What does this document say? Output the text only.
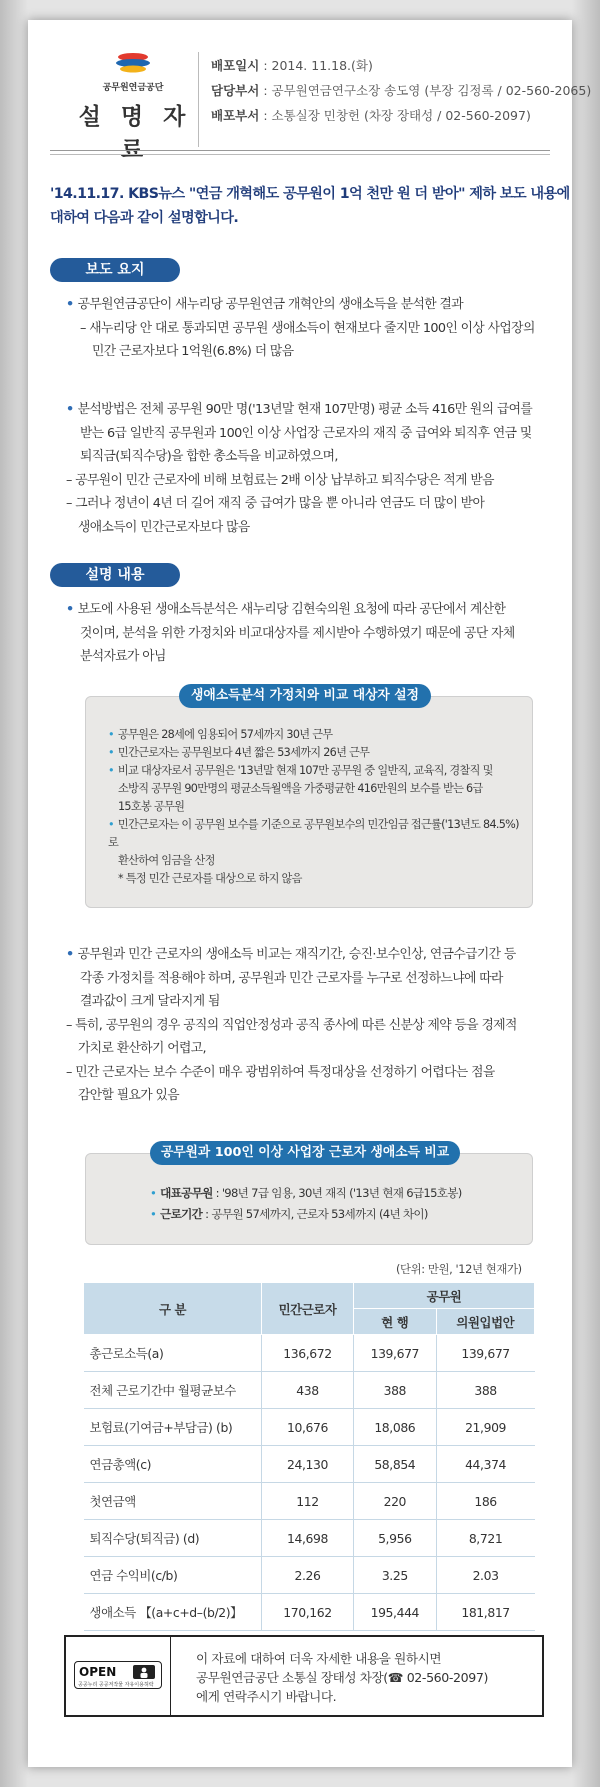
공무원연금공단
설 명 자
배포일시 : 2014. 11.18.(화)
담당부서 : 공무원연금연구소장 송도영 (부장 김정록 / 02-560-2065)
배포부서 : 소통실장 민창헌 (차장 장태성 / 02-560-2097)
'14.11.17. KBS뉴스 "연금 개혁해도 공무원이 1억 천만 원 더 받아" 제하 보도 내용에
대하여 다음과 같이 설명합니다.
보도 요지
• 공무원연금공단이 새누리당 공무원연금 개혁안의 생애소득을 분석한 결과
– 새누리당 안 대로 통과되면 공무원 생애소득이 현재보다 줄지만 100인 이상 사업장의
민간 근로자보다 1억원(6.8%) 더 많음
• 분석방법은 전체 공무원 90만 명('13년말 현재 107만명) 평균 소득 416만 원의 급여를
받는 6급 일반직 공무원과 100인 이상 사업장 근로자의 재직 중 급여와 퇴직후 연금 및
퇴직금(퇴직수당)을 합한 총소득을 비교하였으며,
– 공무원이 민간 근로자에 비해 보험료는 2배 이상 납부하고 퇴직수당은 적게 받음
– 그러나 정년이 4년 더 길어 재직 중 급여가 많을 뿐 아니라 연금도 더 많이 받아
생애소득이 민간근로자보다 많음
설명 내용
• 보도에 사용된 생애소득분석은 새누리당 김현숙의원 요청에 따라 공단에서 계산한
것이며, 분석을 위한 가정치와 비교대상자를 제시받아 수행하였기 때문에 공단 자체
분석자료가 아님
생애소득분석 가정치와 비교 대상자 설정
• 공무원은 28세에 임용되어 57세까지 30년 근무
• 민간근로자는 공무원보다 4년 짧은 53세까지 26년 근무
• 비교 대상자로서 공무원은 '13년말 현재 107만 공무원 중 일반직, 교육직, 경찰직 및
소방직 공무원 90만명의 평균소득월액을 가중평균한 416만원의 보수를 받는 6급
15호봉 공무원
• 민간근로자는 이 공무원 보수를 기준으로 공무원보수의 민간임금 접근률('13년도 84.5%)로
환산하여 임금을 산정
* 특정 민간 근로자를 대상으로 하지 않음
• 공무원과 민간 근로자의 생애소득 비교는 재직기간, 승진·보수인상, 연금수급기간 등
각종 가정치를 적용해야 하며, 공무원과 민간 근로자를 누구로 선정하느냐에 따라
결과값이 크게 달라지게 됨
– 특히, 공무원의 경우 공직의 직업안정성과 공직 종사에 따른 신분상 제약 등을 경제적
가치로 환산하기 어렵고,
– 민간 근로자는 보수 수준이 매우 광범위하여 특정대상을 선정하기 어렵다는 점을
감안할 필요가 있음
공무원과 100인 이상 사업장 근로자 생애소득 비교
• 대표공무원 : '98년 7급 임용, 30년 재직 ('13년 현재 6급15호봉)
• 근로기간 : 공무원 57세까지, 근로자 53세까지 (4년 차이)
(단위: 만원, '12년 현재가)
구 분	민간근로자	공무원	
		현 행	의원입법안
총근로소득(a)	136,672	139,677	139,677
전체 근로기간中 월평균보수	438	388	388
보험료(기여금+부담금) (b)	10,676	18,086	21,909
연금총액(c)	24,130	58,854	44,374
첫연금액	112	220	186
퇴직수당(퇴직금) (d)	14,698	5,956	8,721
연금 수익비(c/b)	2.26	3.25	2.03
생애소득 【(a+c+d–(b/2)】	170,162	195,444	181,817
OPEN
공공누리 공공저작물 자유이용허락
이 자료에 대하여 더욱 자세한 내용을 원하시면
공무원연금공단 소통실 장태성 차장(☎ 02-560-2097)
에게 연락주시기 바랍니다.
